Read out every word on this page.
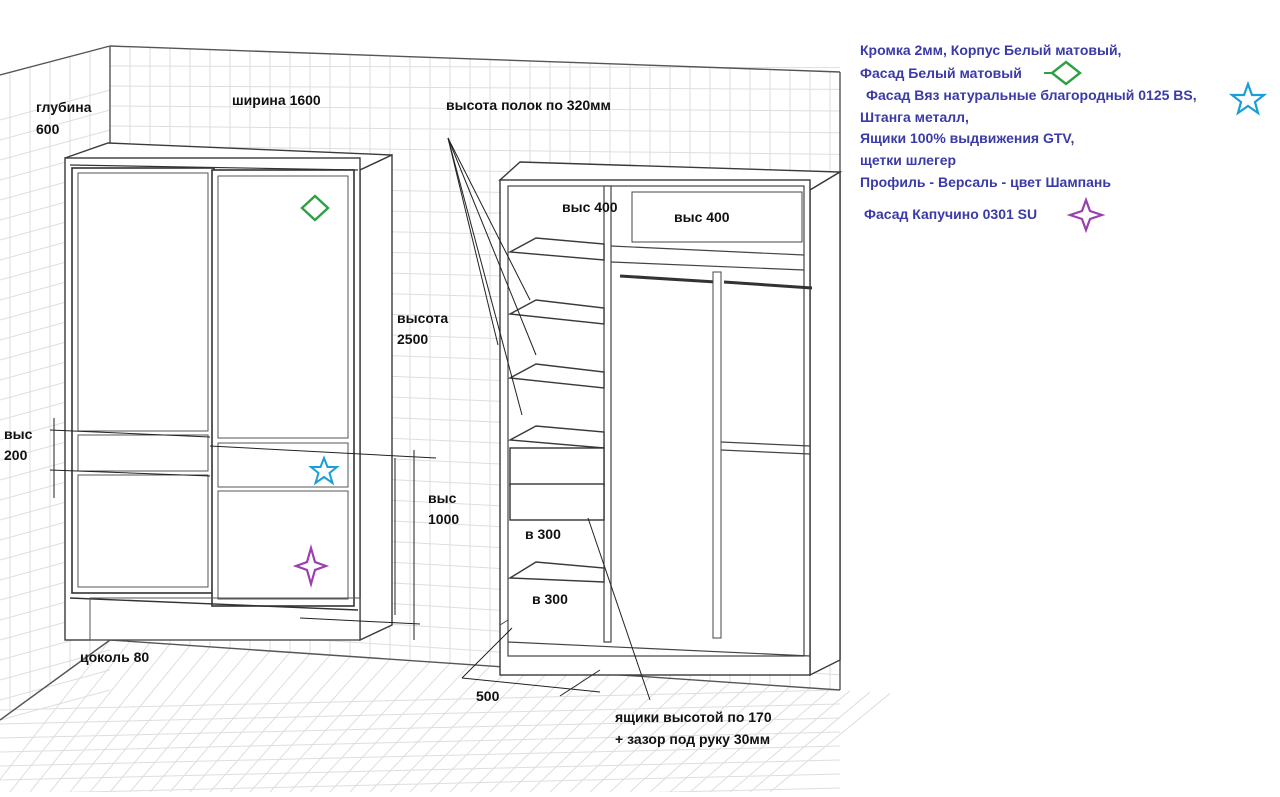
глубина
600
ширина 1600	высота полок по 320мм
высота
2500
выс
200
выс
1000
цоколь 80
выс 400
выс 400
в 300
в 300
500
ящики высотой по 170
+ зазор под руку 30мм
Кромка 2мм, Корпус Белый матовый,
Фасад Белый матовый
Фасад Вяз натуральные благородный 0125 BS,
Штанга металл,
Ящики 100% выдвижения GTV,
щетки шлегер
Профиль - Версаль - цвет Шампань
Фасад Капучино 0301 SU
